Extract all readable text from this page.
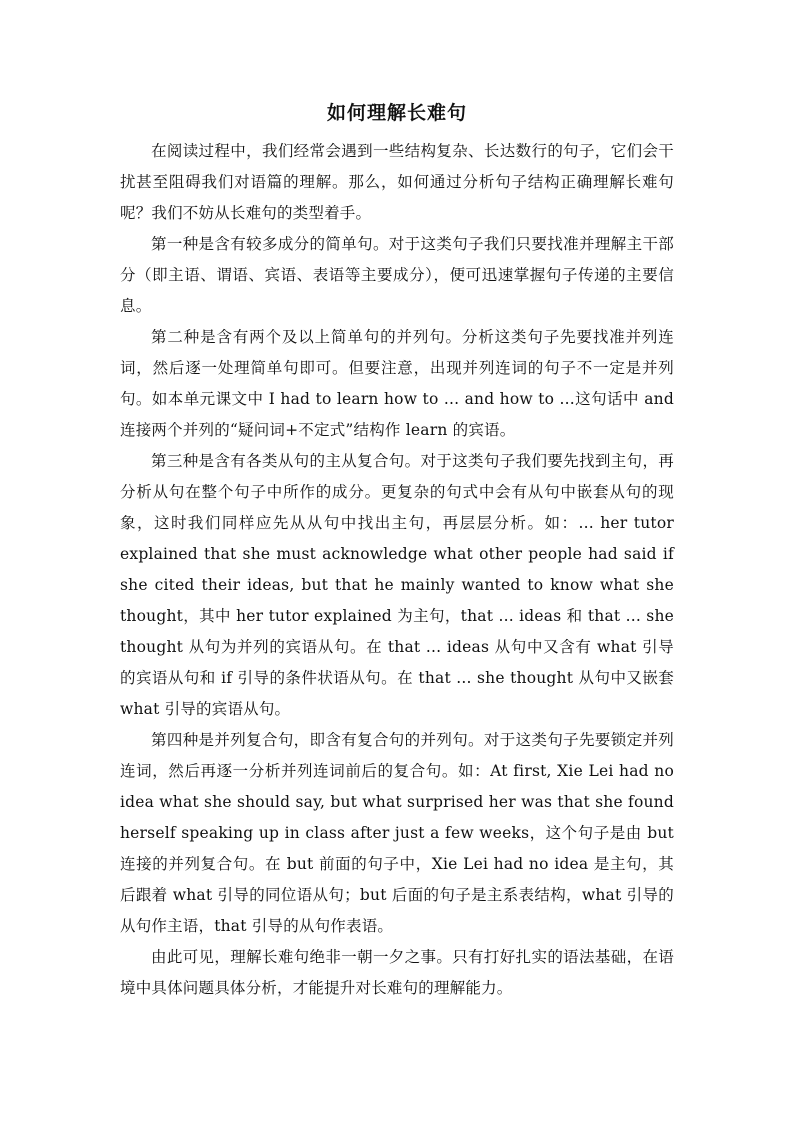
如何理解长难句

在阅读过程中，我们经常会遇到一些结构复杂、长达数行的句子，它们会干扰甚至阻碍我们对语篇的理解。那么，如何通过分析句子结构正确理解长难句呢？我们不妨从长难句的类型着手。

第一种是含有较多成分的简单句。对于这类句子我们只要找准并理解主干部分（即主语、谓语、宾语、表语等主要成分），便可迅速掌握句子传递的主要信息。

第二种是含有两个及以上简单句的并列句。分析这类句子先要找准并列连词，然后逐一处理简单句即可。但要注意，出现并列连词的句子不一定是并列句。如本单元课文中 I had to learn how to ... and how to ...这句话中 and 连接两个并列的“疑问词+不定式”结构作 learn 的宾语。

第三种是含有各类从句的主从复合句。对于这类句子我们要先找到主句，再分析从句在整个句子中所作的成分。更复杂的句式中会有从句中嵌套从句的现象，这时我们同样应先从从句中找出主句，再层层分析。如：... her tutor explained that she must acknowledge what other people had said if she cited their ideas, but that he mainly wanted to know what she thought，其中 her tutor explained 为主句，that ... ideas 和 that ... she thought 从句为并列的宾语从句。在 that ... ideas 从句中又含有 what 引导的宾语从句和 if 引导的条件状语从句。在 that ... she thought 从句中又嵌套 what 引导的宾语从句。

第四种是并列复合句，即含有复合句的并列句。对于这类句子先要锁定并列连词，然后再逐一分析并列连词前后的复合句。如：At first, Xie Lei had no idea what she should say, but what surprised her was that she found herself speaking up in class after just a few weeks，这个句子是由 but 连接的并列复合句。在 but 前面的句子中，Xie Lei had no idea 是主句，其后跟着 what 引导的同位语从句；but 后面的句子是主系表结构，what 引导的从句作主语，that 引导的从句作表语。

由此可见，理解长难句绝非一朝一夕之事。只有打好扎实的语法基础，在语境中具体问题具体分析，才能提升对长难句的理解能力。
